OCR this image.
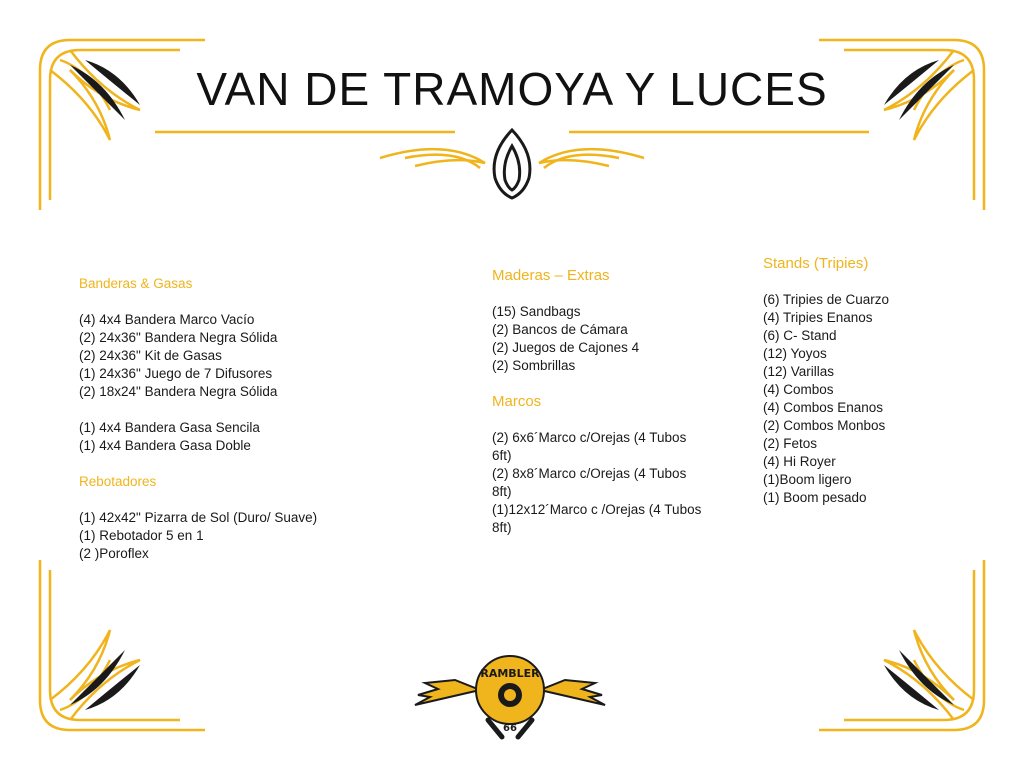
VAN DE TRAMOYA Y LUCES
Banderas & Gasas
(4) 4x4 Bandera Marco Vacío
(2) 24x36" Bandera Negra Sólida
(2) 24x36" Kit de Gasas
(1) 24x36" Juego de 7 Difusores
(2) 18x24" Bandera Negra Sólida
(1) 4x4 Bandera Gasa Sencila
(1) 4x4 Bandera Gasa Doble
Rebotadores
(1) 42x42" Pizarra de Sol (Duro/ Suave)
(1) Rebotador 5 en 1
(2 )Poroflex
Maderas – Extras
(15) Sandbags
(2) Bancos de Cámara
(2) Juegos de Cajones 4
(2) Sombrillas
Marcos
(2) 6x6´Marco c/Orejas (4 Tubos 6ft)
(2) 8x8´Marco c/Orejas (4 Tubos 8ft)
(1)12x12´Marco c /Orejas (4 Tubos 8ft)
Stands (Tripies)
(6) Tripies de Cuarzo
(4) Tripies Enanos
(6) C- Stand
(12) Yoyos
(12) Varillas
(4) Combos
(4) Combos Enanos
(2) Combos Monbos
(2) Fetos
(4) Hi Royer
(1)Boom ligero
(1) Boom pesado
RAMBLER
66
